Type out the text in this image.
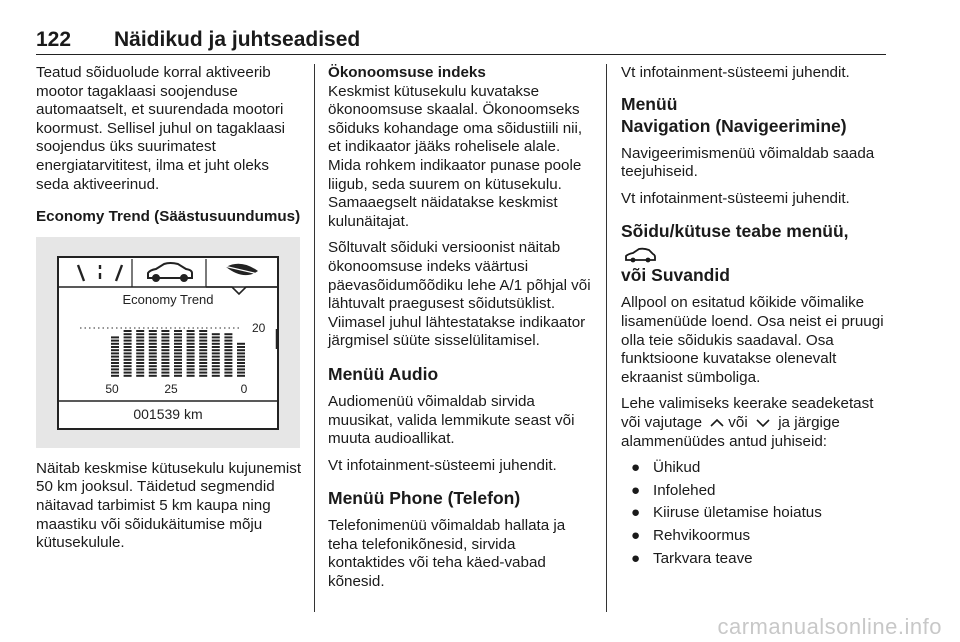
122 Näidikud ja juhtseadised

Teatud sõiduolude korral aktiveerib mootor tagaklaasi soojenduse automaatselt, et suurendada mootori koormust. Sellisel juhul on tagaklaasi soojendus üks suurimatest energiatarvititest, ilma et juht oleks seda aktiveerinud.

Economy Trend (Säästusuundumus)

Economy Trend
20
50	25	0
001539 km

Näitab keskmise kütusekulu kujunemist 50 km jooksul. Täidetud segmendid näitavad tarbimist 5 km kaupa ning maastiku või sõidukäitumise mõju kütusekulule.

Ökonoomsuse indeks

Keskmist kütusekulu kuvatakse ökonoomsuse skaalal. Ökonoomseks sõiduks kohandage oma sõidustiili nii, et indikaator jääks rohelisele alale. Mida rohkem indikaator punase poole liigub, seda suurem on kütusekulu. Samaaegselt näidatakse keskmist kulunäitajat.

Sõltuvalt sõiduki versioonist näitab ökonoomsuse indeks väärtusi päevasõidumõõdiku lehe A/1 põhjal või lähtuvalt praegusest sõidutsüklist. Viimasel juhul lähtestatakse indikaator järgmisel süüte sisselülitamisel.

Menüü Audio

Audiomenüü võimaldab sirvida muusikat, valida lemmikute seast või muuta audioallikat.

Vt infotainment-süsteemi juhendit.

Menüü Phone (Telefon)

Telefonimenüü võimaldab hallata ja teha telefonikõnesid, sirvida kontaktides või teha käed-vabad kõnesid.

Vt infotainment-süsteemi juhendit.

Menüü
Navigation (Navigeerimine)

Navigeerimismenüü võimaldab saada teejuhiseid.

Vt infotainment-süsteemi juhendit.

Sõidu/kütuse teabe menüü,
või Suvandid

Allpool on esitatud kõikide võimalike lisamenüüde loend. Osa neist ei pruugi olla teie sõidukis saadaval. Osa funktsioone kuvatakse olenevalt ekraanist sümboliga.

Lehe valimiseks keerake seadeketast või vajutage või ja järgige alammenüüdes antud juhiseid:

● Ühikud
● Infolehed
● Kiiruse ületamise hoiatus
● Rehvikoormus
● Tarkvara teave
carmanualsonline.info
